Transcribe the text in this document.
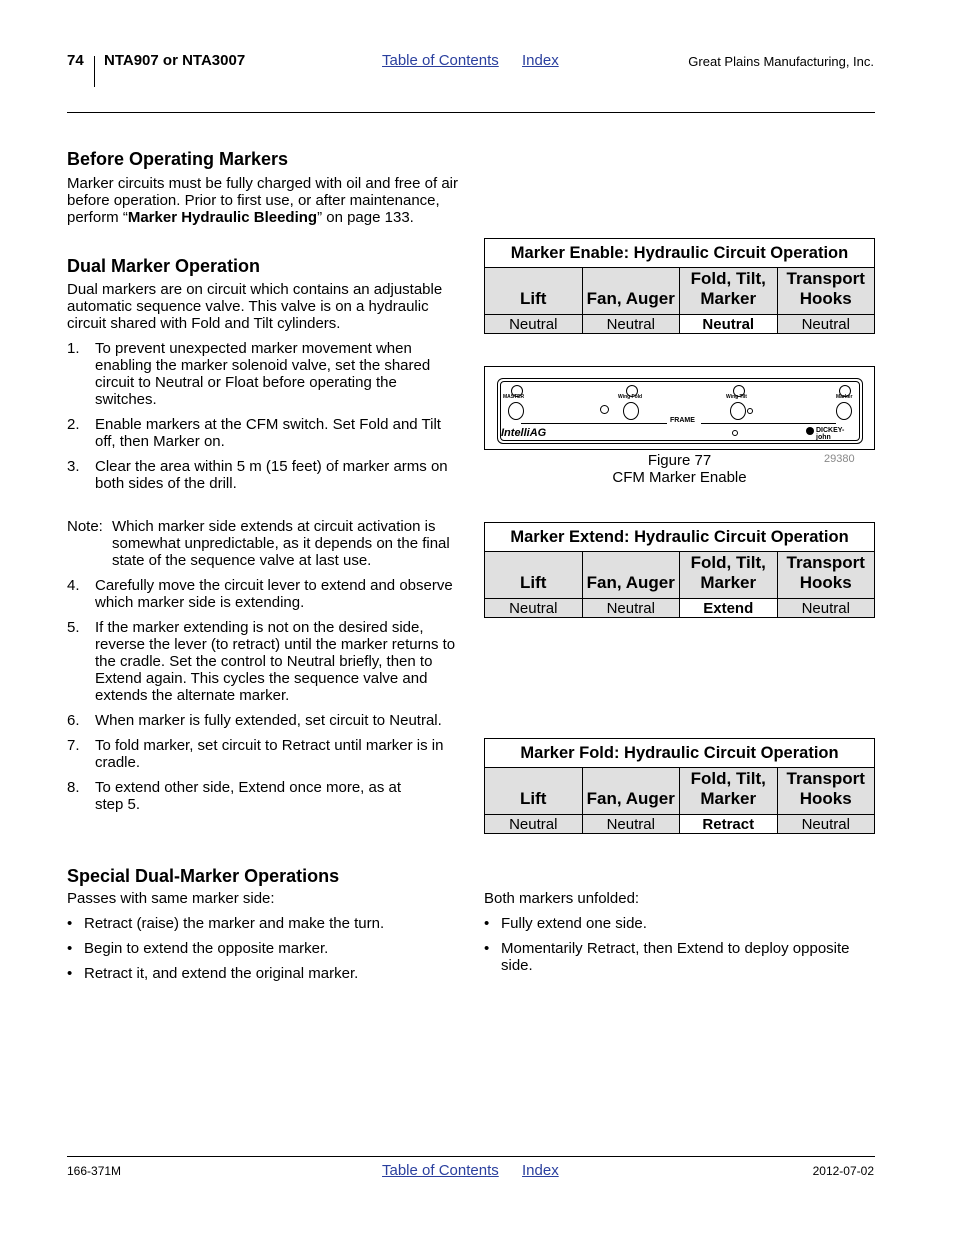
74 NTA907 or NTA3007	Table of Contents Index	Great Plains Manufacturing, Inc.
Before Operating Markers

Marker circuits must be fully charged with oil and free of air before operation. Prior to first use, or after maintenance, perform “Marker Hydraulic Bleeding” on page 133.

Dual Marker Operation

Dual markers are on circuit which contains an adjustable automatic sequence valve. This valve is on a hydraulic circuit shared with Fold and Tilt cylinders.

1. To prevent unexpected marker movement when enabling the marker solenoid valve, set the shared circuit to Neutral or Float before operating the switches.
2. Enable markers at the CFM switch. Set Fold and Tilt off, then Marker on.
3. Clear the area within 5 m (15 feet) of marker arms on both sides of the drill.
Note: Which marker side extends at circuit activation is somewhat unpredictable, as it depends on the final state of the sequence valve at last use.
4. Carefully move the circuit lever to extend and observe which marker side is extending.
5. If the marker extending is not on the desired side, reverse the lever (to retract) until the marker returns to the cradle. Set the control to Neutral briefly, then to Extend again. This cycles the sequence valve and extends the alternate marker.
6. When marker is fully extended, set circuit to Neutral.
7. To fold marker, set circuit to Retract until marker is in cradle.
8. To extend other side, Extend once more, as at step 5.
Special Dual-Marker Operations

Passes with same marker side:

• Retract (raise) the marker and make the turn.
• Begin to extend the opposite marker.
• Retract it, and extend the original marker.

Both markers unfolded:

• Fully extend one side.
• Momentarily Retract, then Extend to deploy opposite side.
Marker Enable: Hydraulic Circuit Operation			
Lift	Fan, Auger	Fold, Tilt, Marker	Transport Hooks
Neutral	Neutral	Neutral	Neutral
Marker Extend: Hydraulic Circuit Operation			
Lift	Fan, Auger	Fold, Tilt, Marker	Transport Hooks
Neutral	Neutral	Extend	Neutral
Marker Fold: Hydraulic Circuit Operation			
Lift	Fan, Auger	Fold, Tilt, Marker	Transport Hooks
Neutral	Neutral	Retract	Neutral
MASTER	Wing Fold	Wing Tilt	Marker
FRAME
IntelliAG	DICKEY-john
Figure 77
CFM Marker Enable
29380
166-371M	Table of Contents Index	2012-07-02
